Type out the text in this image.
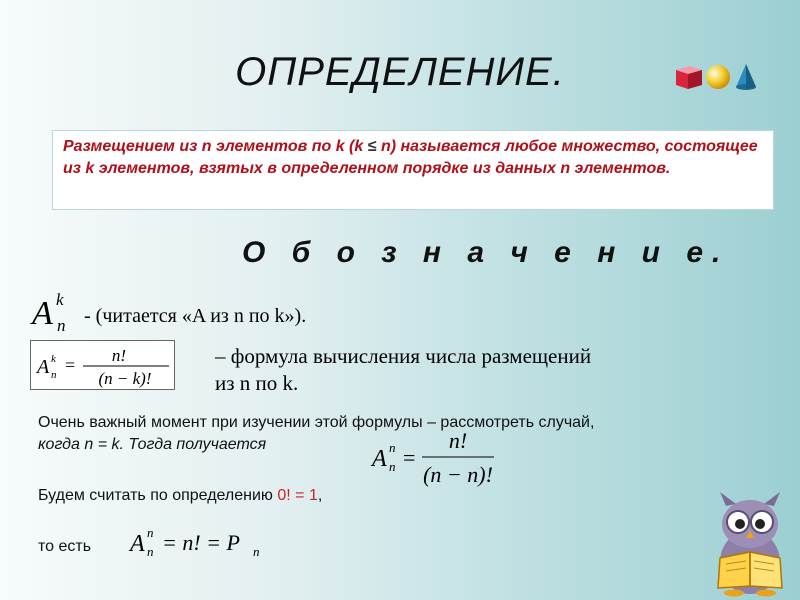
ОПРЕДЕЛЕНИЕ.
Размещением из n элементов по k (k ≤ n) называется любое множество, состоящее из k элементов, взятых в определенном порядке из данных n элементов.
О б о з н а ч е н и е.
A k
n - (читается «A из n по k»).
A k
n = n!
(n − k)!
– формула вычисления числа размещений
из n по k.
Очень важный момент при изучении этой формулы – рассмотреть случай,
когда n = k. Тогда получается
A n
n =
n!
(n − n)!
Будем считать по определению 0! = 1,
то есть A n
n = n! = P n
